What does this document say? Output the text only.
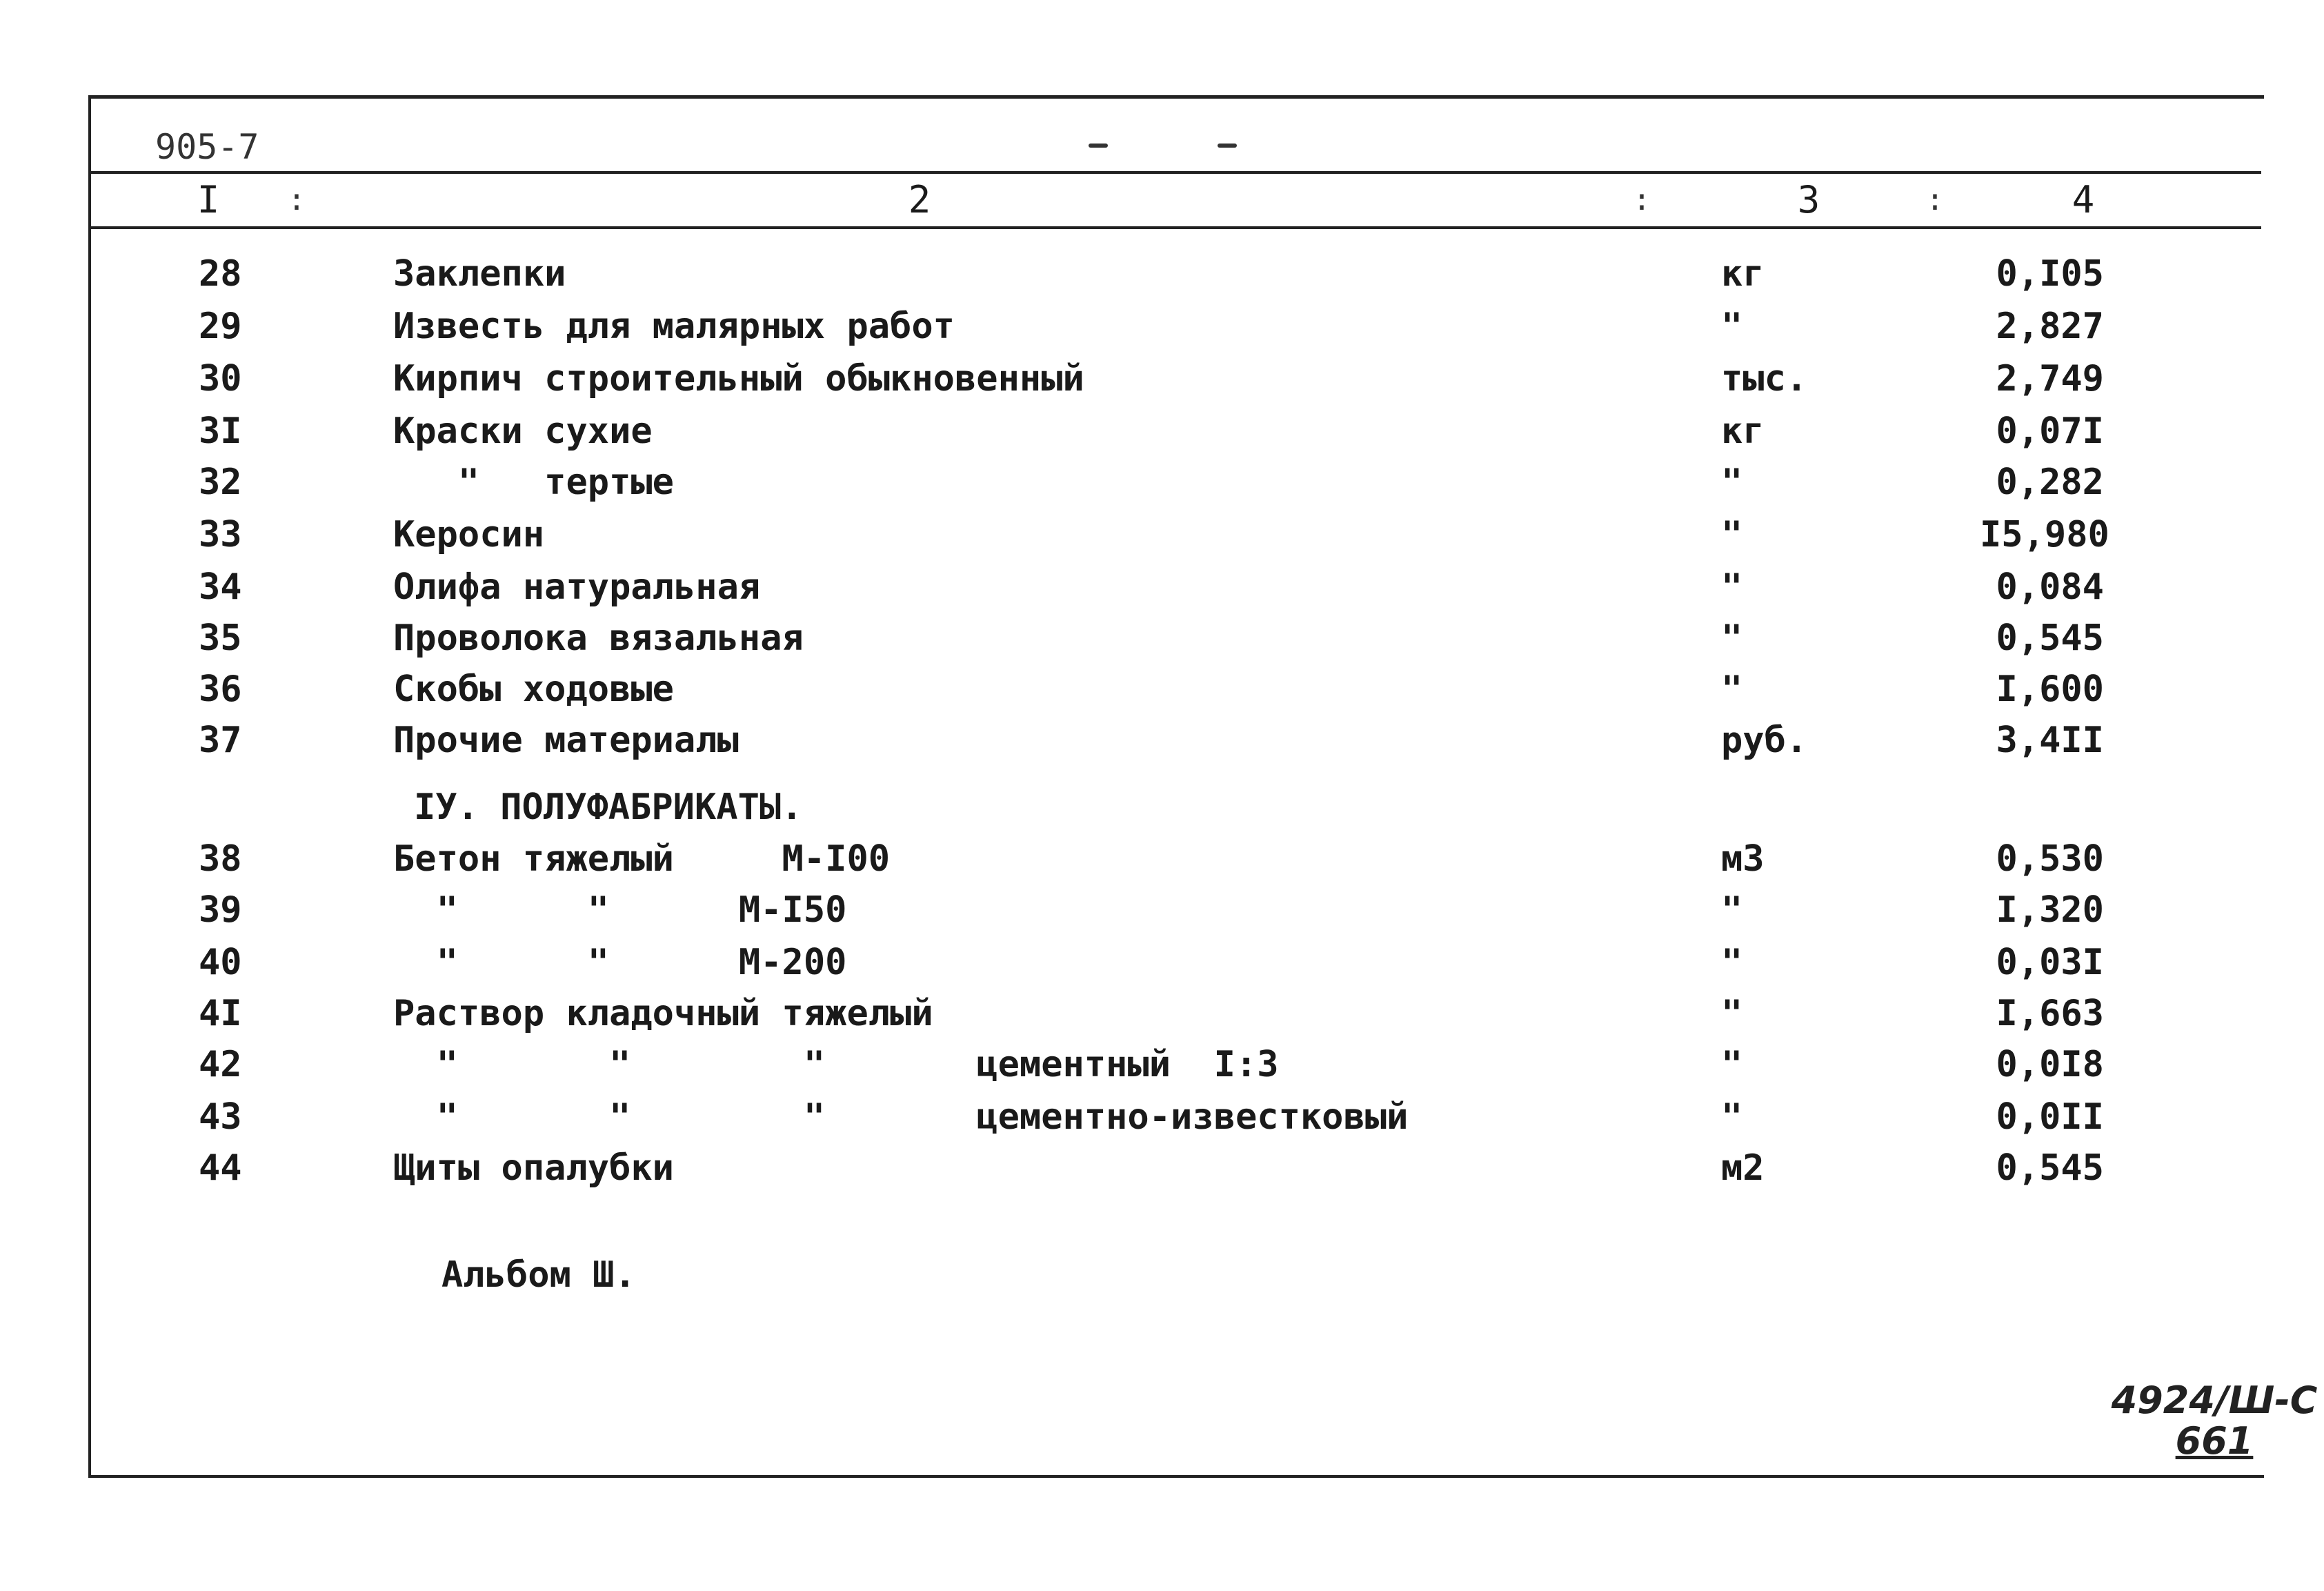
905-7
I :	2	:	3	:	4
28	Заклепки	кг	0,I05
29	Известь для малярных работ	"	2,827
30	Кирпич строительный обыкновенный	тыс.	2,749
3I	Краски сухие	кг	0,07I
32	"   тертые	"	0,282
33	Керосин	"	I5,980
34	Олифа натуральная	"	0,084
35	Проволока вязальная	"	0,545
36	Скобы ходовые	"	I,600
37	Прочие материалы	руб.	3,4II
IУ. ПОЛУФАБРИКАТЫ.
38	Бетон тяжелый     М-I00	м3	0,530
39	"      "      М-I50	"	I,320
40	"      "      М-200	"	0,03I
4I	Раствор кладочный тяжелый	"	I,663
42	"       "        "       цементный  I:3	"	0,0I8
43	"       "        "       цементно-известковый	"	0,0II
44	Щиты опалубки	м2	0,545
Альбом Ш.
4924/Ш-С
661
